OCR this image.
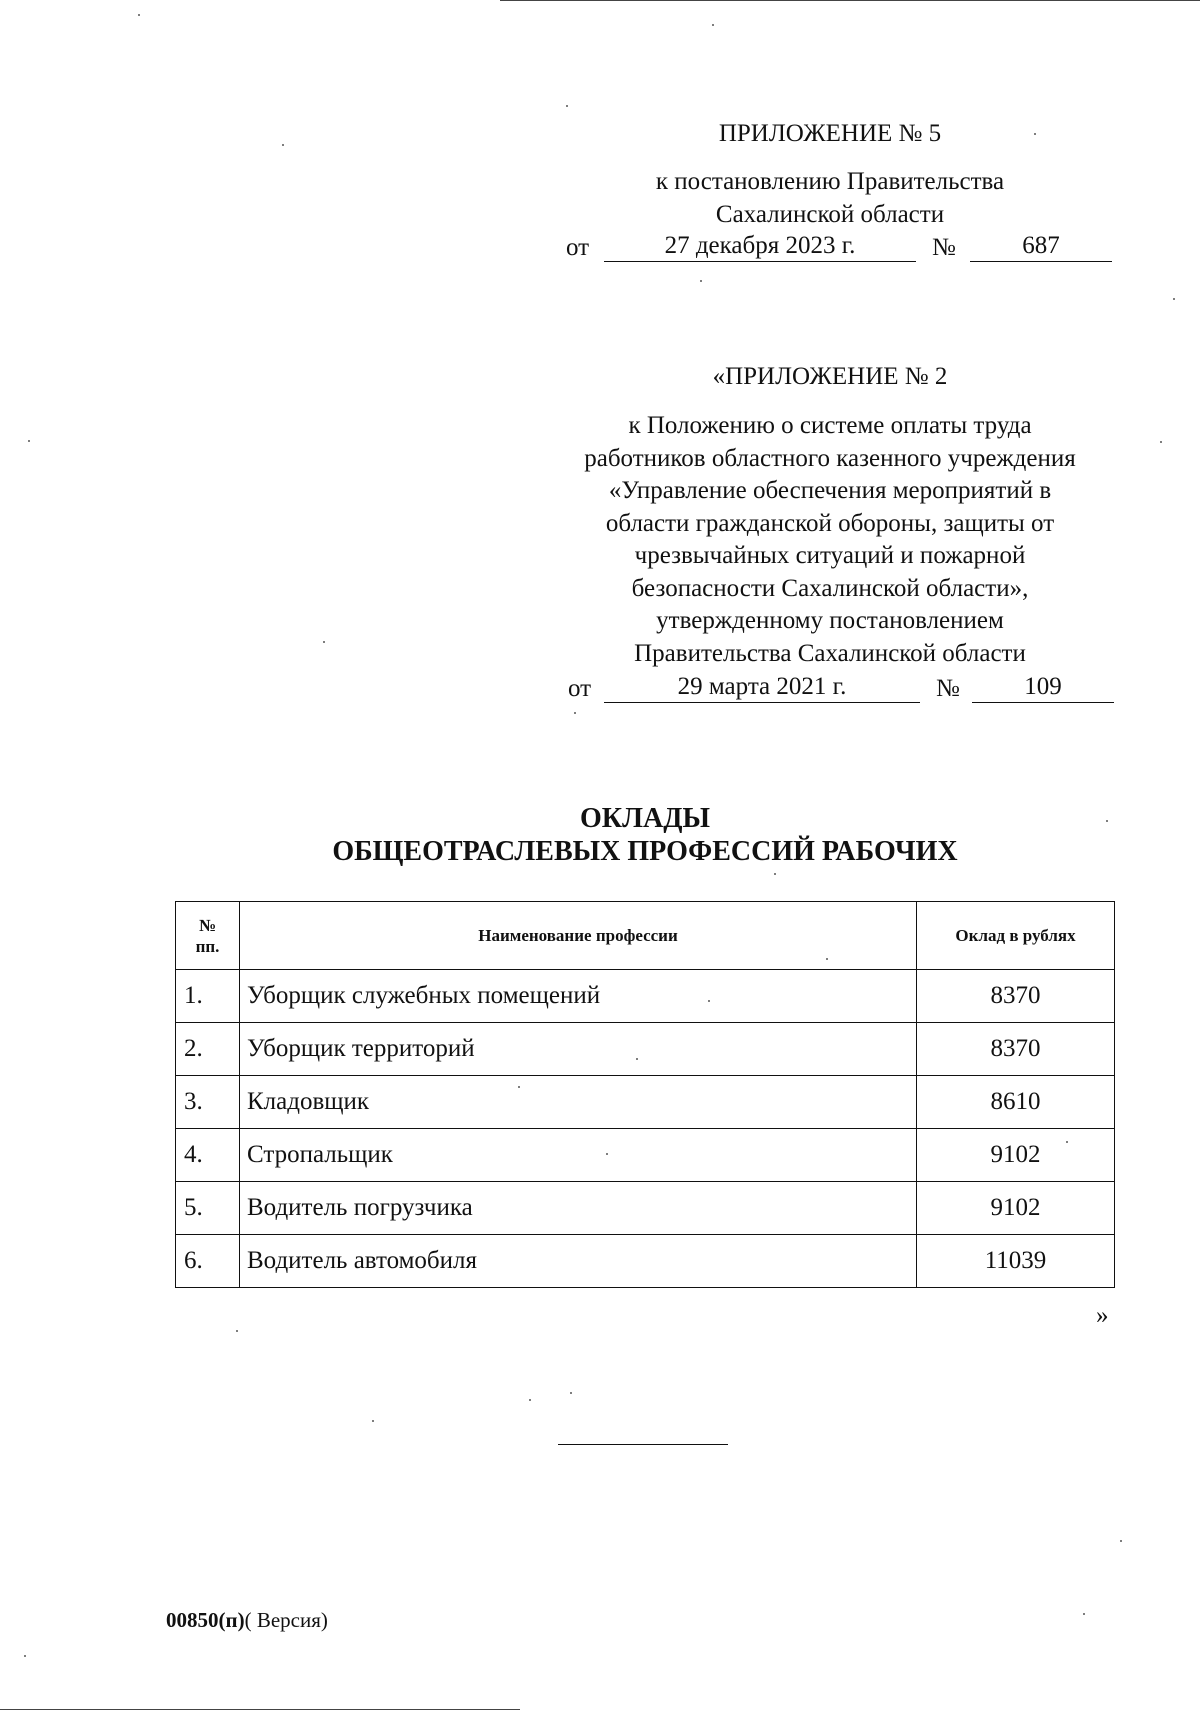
ПРИЛОЖЕНИЕ № 5
к постановлению Правительства
Сахалинской области
от	27 декабря 2023 г.	№	687
«ПРИЛОЖЕНИЕ № 2
к Положению о системе оплаты труда
работников областного казенного учреждения
«Управление обеспечения мероприятий в
области гражданской обороны, защиты от
чрезвычайных ситуаций и пожарной
безопасности Сахалинской области»,
утвержденному постановлением
Правительства Сахалинской области
от	29 марта 2021 г.	№	109
ОКЛАДЫ
ОБЩЕОТРАСЛЕВЫХ ПРОФЕССИЙ РАБОЧИХ
№
пп.	Наименование профессии	Оклад в рублях
1.	Уборщик служебных помещений	8370
2.	Уборщик территорий	8370
3.	Кладовщик	8610
4.	Стропальщик	9102
5.	Водитель погрузчика	9102
6.	Водитель автомобиля	11039
»
00850(п)( Версия)
